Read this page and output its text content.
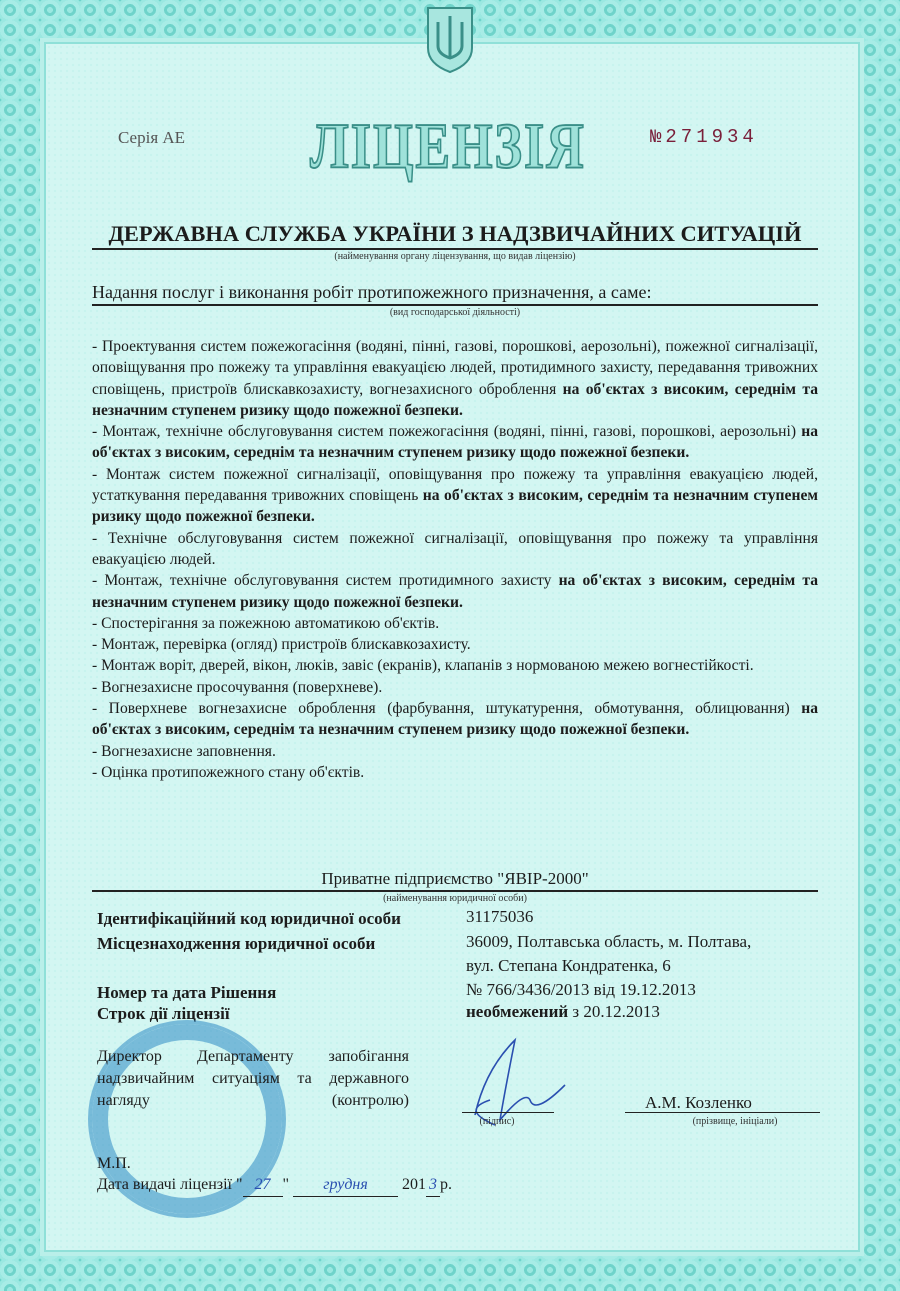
Серія АЕ ЛІЦЕНЗІЯ	№271934
ДЕРЖАВНА СЛУЖБА УКРАЇНИ З НАДЗВИЧАЙНИХ СИТУАЦІЙ
(найменування органу ліцензування, що видав ліцензію)
Надання послуг і виконання робіт протипожежного призначення, а саме:
(вид господарської діяльності)

- Проектування систем пожежогасіння (водяні, пінні, газові, порошкові, аерозольні), пожежної сигналізації, оповіщування про пожежу та управління евакуацією людей, протидимного захисту, передавання тривожних сповіщень, пристроїв блискавкозахисту, вогнезахисного оброблення на об'єктах з високим, середнім та незначним ступенем ризику щодо пожежної безпеки.

- Монтаж, технічне обслуговування систем пожежогасіння (водяні, пінні, газові, порошкові, аерозольні) на об'єктах з високим, середнім та незначним ступенем ризику щодо пожежної безпеки.

- Монтаж систем пожежної сигналізації, оповіщування про пожежу та управління евакуацією людей, устаткування передавання тривожних сповіщень на об'єктах з високим, середнім та незначним ступенем ризику щодо пожежної безпеки.

- Технічне обслуговування систем пожежної сигналізації, оповіщування про пожежу та управління евакуацією людей.

- Монтаж, технічне обслуговування систем протидимного захисту на об'єктах з високим, середнім та незначним ступенем ризику щодо пожежної безпеки.

- Спостерігання за пожежною автоматикою об'єктів.

- Монтаж, перевірка (огляд) пристроїв блискавкозахисту.

- Монтаж воріт, дверей, вікон, люків, завіс (екранів), клапанів з нормованою межею вогнестійкості.

- Вогнезахисне просочування (поверхневе).

- Поверхневе вогнезахисне оброблення (фарбування, штукатурення, обмотування, облицювання) на об'єктах з високим, середнім та незначним ступенем ризику щодо пожежної безпеки.

- Вогнезахисне заповнення.

- Оцінка протипожежного стану об'єктів.

Приватне підприємство "ЯВІР-2000"
(найменування юридичної особи)
Ідентифікаційний код юридичної особи	31175036
Місцезнаходження юридичної особи	36009, Полтавська область, м. Полтава,
вул. Степана Кондратенка, 6
Номер та дата Рішення	№ 766/3436/2013 від 19.12.2013
Строк дії ліцензії	необмежений з 20.12.2013
Директор Департаменту запобігання надзвичайним ситуаціям та державного нагляду (контролю)
(підпис)
А.М. Козленко
(прізвище, ініціали)
М.П.
Дата видачі ліцензії " 27 " грудня 201 3 р.
